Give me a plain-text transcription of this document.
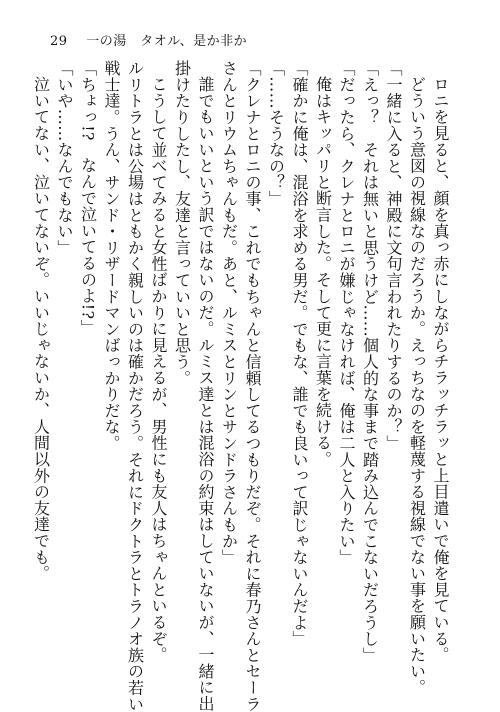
29 一の湯　タオル、是か非か

ロニを見ると、顔を真っ赤にしながらチラッチラッと上目遣いで俺を見ている。

どういう意図の視線なのだろうか。えっちなのを軽蔑する視線でない事を願いたい。

「一緒に入ると、神殿に文句言われたりするのか？」

「えっ？　それは無いと思うけど……個人的な事まで踏み込んでこないだろうし」

「だったら、クレナとロニが嫌じゃなければ、俺は二人と入りたい」

俺はキッパリと断言した。そして更に言葉を続ける。

「確かに俺は、混浴を求める男だ。でもな、誰でも良いって訳じゃないんだよ」

「……そうなの？」

「クレナとロニの事、これでもちゃんと信頼してるつもりだぞ。それに春乃さんとセーラ

さんとリウムちゃんもだ。あと、ルミスとリンとサンドラさんもか」

誰でもいいという訳ではないのだ。ルミス達とは混浴の約束はしていないが、一緒に出

掛けたりしたし、友達と言っていいと思う。

こうして並べてみると女性ばかりに見えるが、男性にも友人はちゃんといるぞ。

ルリトラとは公場はともかく親しいのは確かだろう。それにドクトラとトラノオ族の若い

戦士達。うん、サンド・リザードマンばっかりだな。

「ちょっ!?　なんで泣いてるのよ!?」

「いや……なんでもない」

泣いてない、泣いてないぞ。いいじゃないか、人間以外の友達でも。
